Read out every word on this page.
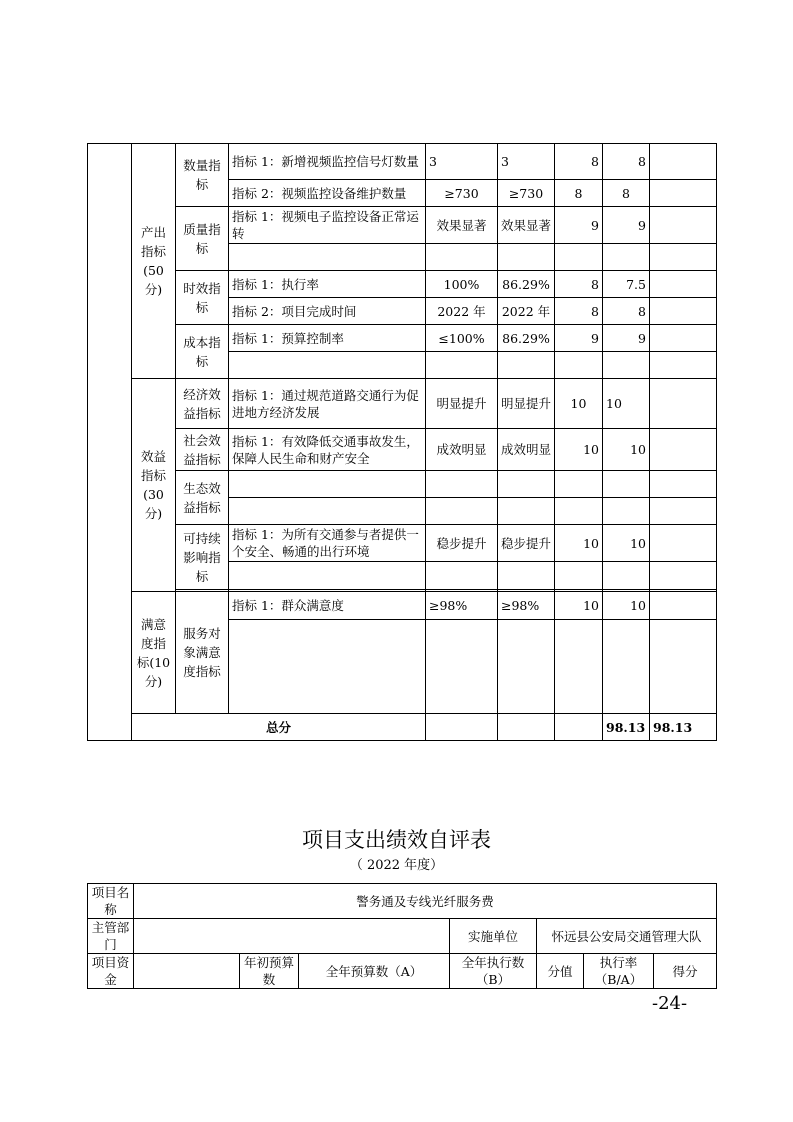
	产出指标(50分)	数量指标	指标 1：新增视频监控信号灯数量	3	3	8	8		
			指标 2：视频监控设备维护数量	≥730	≥730	8	8		
		质量指标	指标 1：视频电子监控设备正常运转	效果显著	效果显著	9	9		

		时效指标	指标 1：执行率	100%	86.29%	8	7.5		
			指标 2：项目完成时间	2022 年	2022 年	8	8		
		成本指标	指标 1：预算控制率	≤100%	86.29%	9	9		

	效益指标(30分)	经济效益指标	指标 1：通过规范道路交通行为促进地方经济发展	明显提升	明显提升	10	10		
		社会效益指标	指标 1：有效降低交通事故发生，保障人民生命和财产安全	成效明显	成效明显	10	10		
		生态效益指标							

		可持续影响指标	指标 1：为所有交通参与者提供一个安全、畅通的出行环境	稳步提升	稳步提升	10	10		

	满意度指标(10分)	服务对象满意度指标	指标 1：群众满意度	≥98%	≥98%	10	10		

	总分						98.13	98.13	
项目支出绩效自评表
（ 2022 年度）
项目名称	警务通及专线光纤服务费						
主管部门				实施单位	怀远县公安局交通管理大队		
项目资金		年初预算数	全年预算数（A）	全年执行数（B）	分值	执行率（B/A）	得分
-24-
